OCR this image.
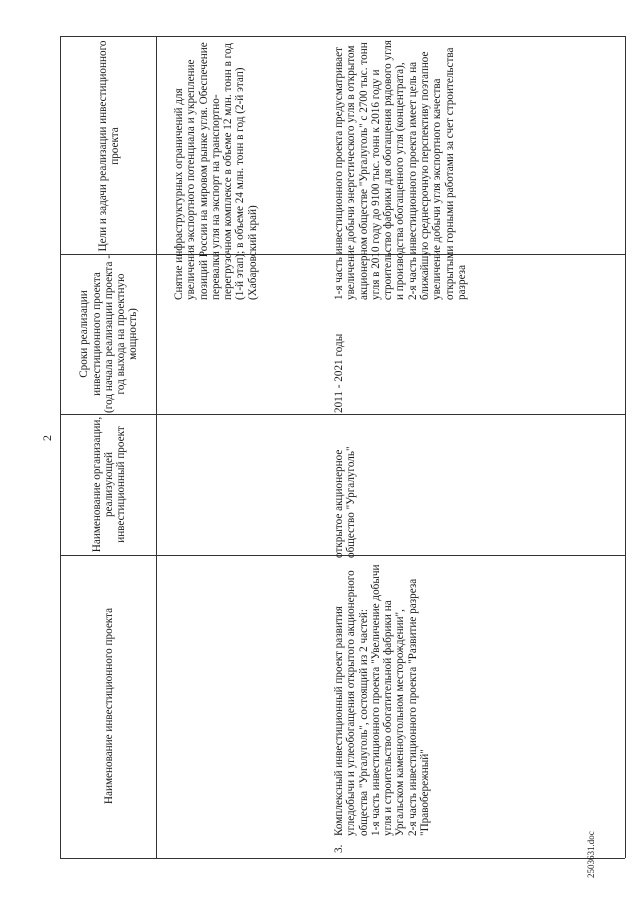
2
Цели и задачи реализации инвестиционного проекта
Сроки реализации инвестиционного проекта
(год начала реализации проекта - год выхода на проектную мощность)
Наименование организации, реализующей инвестиционный проект
Наименование инвестиционного проекта
Снятие инфраструктурных ограничений для увеличения экспортного потенциала и укрепление позиций России на мировом рынке угля. Обеспечение перевалки угля на экспорт на транспортно-перегрузочном комплексе в объеме 12 млн. тонн в год (1-й этап); в объеме 24 млн. тонн в год (2-й этап) (Хабаровский край)	1-я часть инвестиционного проекта предусматривает увеличение добычи энергетического угля в открытом акционерном обществе "Ургалуголь" с 2700 тыс. тонн угля в 2010 году до 9100 тыс. тонн к 2016 году и строительство фабрики для обогащения рядового угля и производства обогащенного угля (концентрата),
2-я часть инвестиционного проекта имеет цель на ближайшую среднесрочную перспективу поэтапное увеличение добычи угля экспортного качества открытыми горными работами за счет строительства разреза
2011 - 2021 годы
открытое акционерное общество "Ургалуголь"
3.
Комплексный инвестиционный проект развития угледобычи и углеобогащения открытого акционерного общества "Ургалуголь", состоящий из 2 частей:
1-я часть инвестиционного проекта "Увеличение добычи угля и строительство обогатительной фабрики на Ургальском каменноугольном месторождении",
2-я часть инвестиционного проекта "Развитие разреза "Правобережный"
2503631.doc
